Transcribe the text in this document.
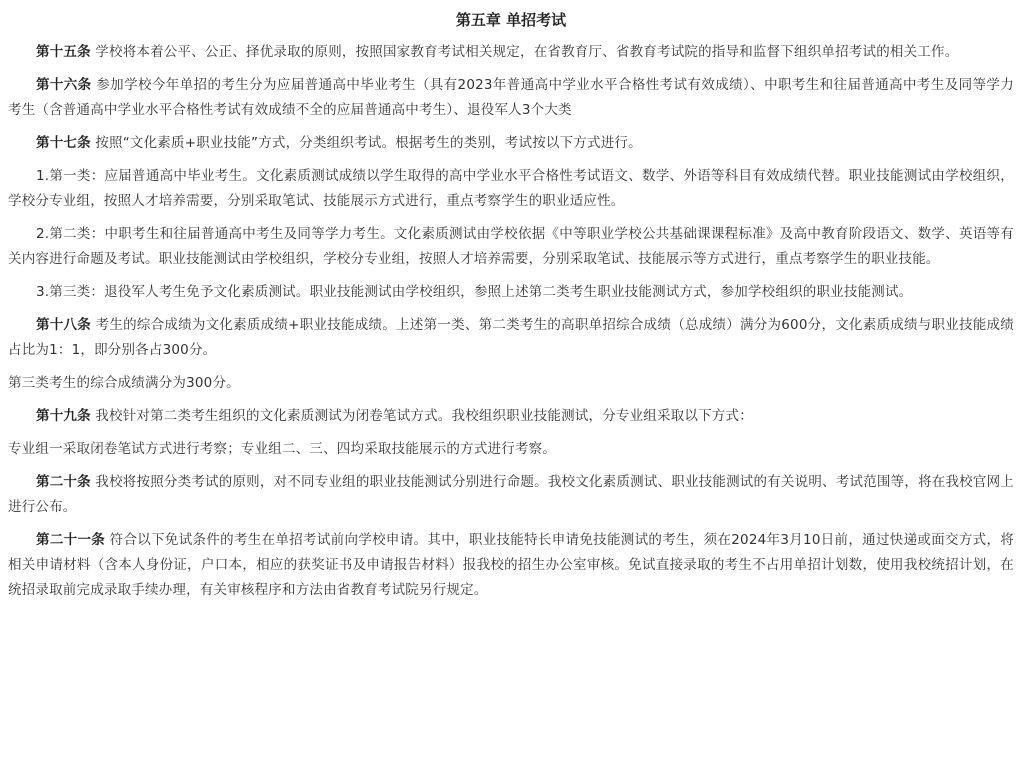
第五章 单招考试

第十五条 学校将本着公平、公正、择优录取的原则，按照国家教育考试相关规定，在省教育厅、省教育考试院的指导和监督下组织单招考试的相关工作。

第十六条 参加学校今年单招的考生分为应届普通高中毕业考生（具有2023年普通高中学业水平合格性考试有效成绩）、中职考生和往届普通高中考生及同等学力考生（含普通高中学业水平合格性考试有效成绩不全的应届普通高中考生）、退役军人3个大类

第十七条 按照“文化素质+职业技能”方式，分类组织考试。根据考生的类别，考试按以下方式进行。

1.第一类：应届普通高中毕业考生。文化素质测试成绩以学生取得的高中学业水平合格性考试语文、数学、外语等科目有效成绩代替。职业技能测试由学校组织，学校分专业组，按照人才培养需要，分别采取笔试、技能展示方式进行，重点考察学生的职业适应性。

2.第二类：中职考生和往届普通高中考生及同等学力考生。文化素质测试由学校依据《中等职业学校公共基础课课程标准》及高中教育阶段语文、数学、英语等有关内容进行命题及考试。职业技能测试由学校组织，学校分专业组，按照人才培养需要，分别采取笔试、技能展示等方式进行，重点考察学生的职业技能。

3.第三类：退役军人考生免予文化素质测试。职业技能测试由学校组织，参照上述第二类考生职业技能测试方式，参加学校组织的职业技能测试。

第十八条 考生的综合成绩为文化素质成绩+职业技能成绩。上述第一类、第二类考生的高职单招综合成绩（总成绩）满分为600分，文化素质成绩与职业技能成绩占比为1：1，即分别各占300分。

第三类考生的综合成绩满分为300分。

第十九条 我校针对第二类考生组织的文化素质测试为闭卷笔试方式。我校组织职业技能测试，分专业组采取以下方式：

专业组一采取闭卷笔试方式进行考察；专业组二、三、四均采取技能展示的方式进行考察。

第二十条 我校将按照分类考试的原则，对不同专业组的职业技能测试分别进行命题。我校文化素质测试、职业技能测试的有关说明、考试范围等，将在我校官网上进行公布。

第二十一条 符合以下免试条件的考生在单招考试前向学校申请。其中，职业技能特长申请免技能测试的考生，须在2024年3月10日前，通过快递或面交方式，将相关申请材料（含本人身份证，户口本，相应的获奖证书及申请报告材料）报我校的招生办公室审核。免试直接录取的考生不占用单招计划数，使用我校统招计划，在统招录取前完成录取手续办理，有关审核程序和方法由省教育考试院另行规定。
